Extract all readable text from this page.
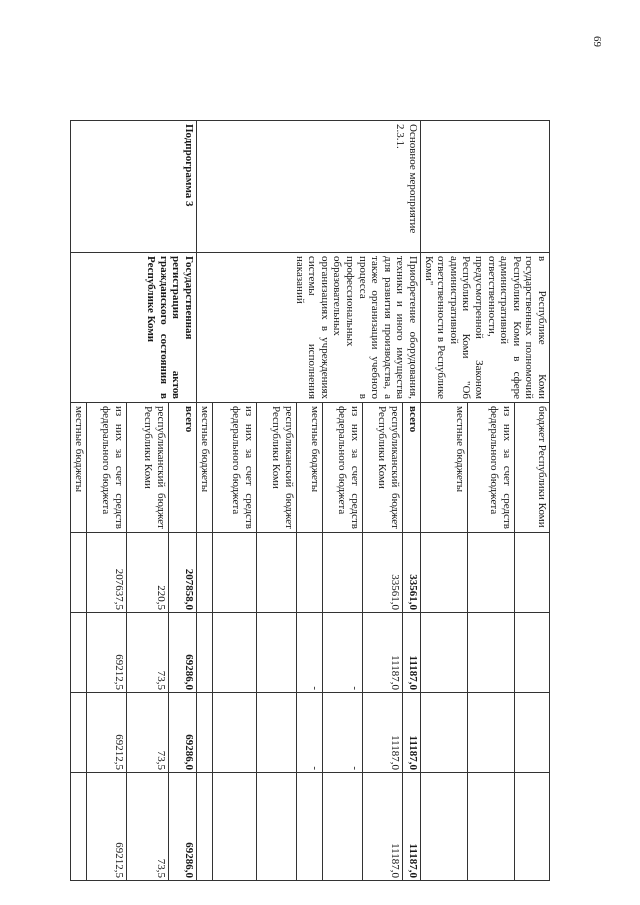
69
	в Республике Коми государственных полномочий Республики Коми в сфере административной ответственности, предусмотренной Законом Республики Коми "Об административной ответственности в Республике Коми"	бюджет Республики Коми				
		из них за счет средств федерального бюджета				
		местные бюджеты				
Основное мероприятие 2.3.1.	Приобретение оборудования, техники и иного имущества для развития производства, а также организации учебного процесса в профессиональных образовательных организациях в учреждениях системы исполнения наказаний	всего	33561,0	11187,0	11187,0	11187,0
		республиканский бюджет Республики Коми	33561,0	11187,0	11187,0	11187,0
		из них за счет средств федерального бюджета		-	-	
		местные бюджеты		-	-	
		республиканский бюджет Республики Коми				
		из них за счет средств федерального бюджета				
		местные бюджеты				
Подпрограмма 3	Государственная регистрация актов гражданского состояния в Республике Коми	всего	207858,0	69286,0	69286,0	69286,0
		республиканский бюджет Республики Коми	220,5	73,5	73,5	73,5
		из них за счет средств федерального бюджета	207637,5	69212,5	69212,5	69212,5
		местные бюджеты				
